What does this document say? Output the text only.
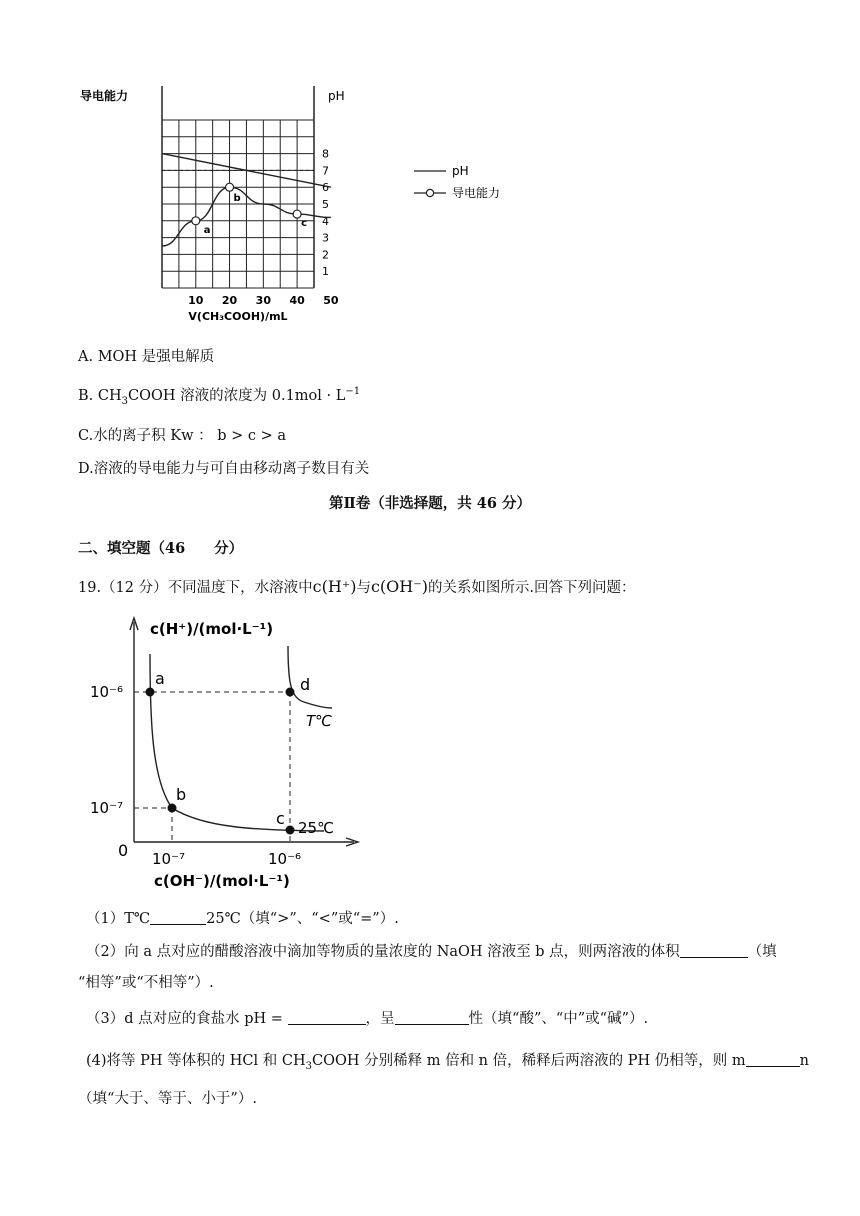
导电能力	pH
1
2
3
4
5
6
7
8
10 20 30 40 50
V(CH₃COOH)/mL
a
b
c
pH
导电能力
A. MOH 是强电解质
B. $CH_3COOH$ 溶液的浓度为 $0.1mol \cdot L^{-1}$
C.水的离子积 Kw ： b > c > a
D.溶液的导电能力与可自由移动离子数目有关
第Ⅱ卷（非选择题，共 46 分）
二、填空题（46　　分）
19.（12 分）不同温度下，水溶液中c(H⁺)与c(OH⁻)的关系如图所示.回答下列问题：
c(H⁺)/(mol·L⁻¹)
c(OH⁻)/(mol·L⁻¹)
0
10⁻⁶
10⁻⁷
10⁻⁷	10⁻⁶
a
b
c
d
25℃
T℃
（1）T℃	25℃（填“>”、“<”或“=”）.
（2）向 a 点对应的醋酸溶液中滴加等物质的量浓度的 NaOH 溶液至 b 点，则两溶液的体积	（填
“相等”或“不相等”）.
（3）d 点对应的食盐水 pH =	，呈	性（填“酸”、“中”或“碱”）.
(4)将等 PH 等体积的 HCl 和 $CH_3COOH$ 分别稀释 m 倍和 n 倍，稀释后两溶液的 PH 仍相等，则 m	n
（填“大于、等于、小于”）.
